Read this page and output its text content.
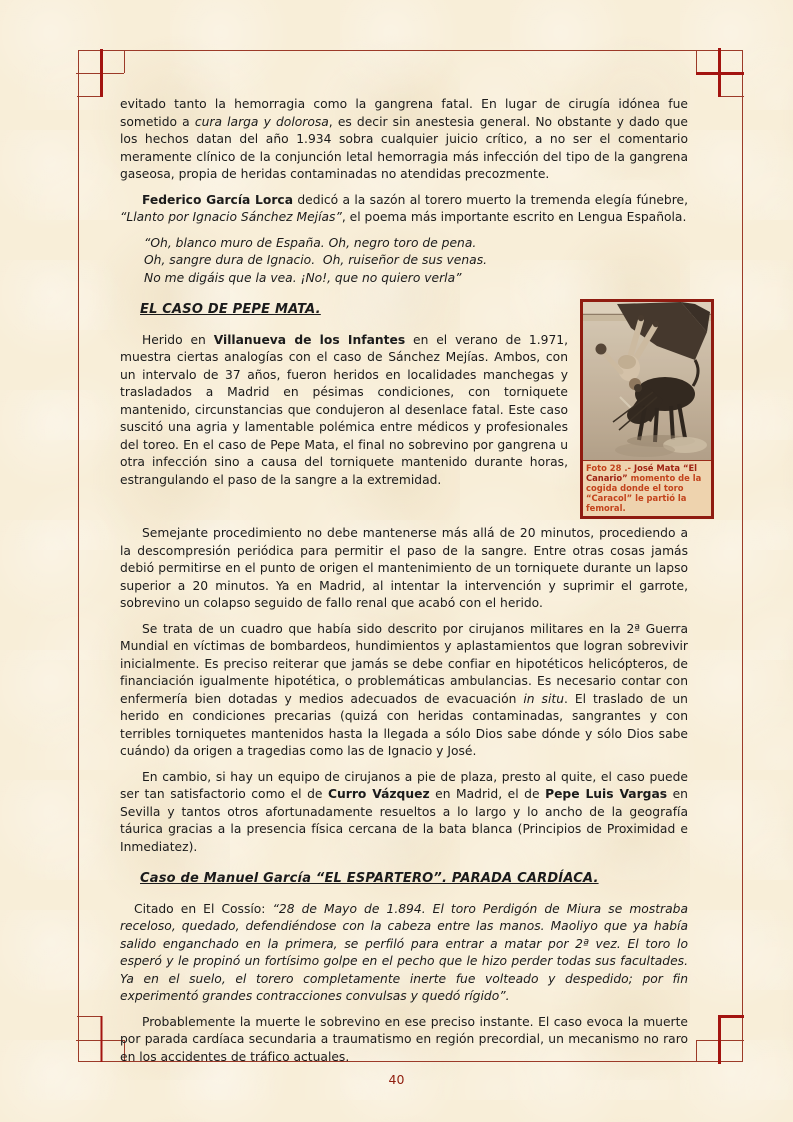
evitado tanto la hemorragia como la gangrena fatal. En lugar de cirugía idónea fue sometido a cura larga y dolorosa, es decir sin anestesia general. No obstante y dado que los hechos datan del año 1.934 sobra cualquier juicio crítico, a no ser el comentario meramente clínico de la conjunción letal hemorragia más infección del tipo de la gangrena gaseosa, propia de heridas contaminadas no atendidas precozmente.

Federico García Lorca dedicó a la sazón al torero muerto la tremenda elegía fúnebre, “Llanto por Ignacio Sánchez Mejías”, el poema más importante escrito en Lengua Española.

“Oh, blanco muro de España. Oh, negro toro de pena.
Oh, sangre dura de Ignacio.  Oh, ruiseñor de sus venas.
No me digáis que la vea. ¡No!, que no quiero verla”
Foto 28 .- José Mata “El Canario” momento de la cogida donde el toro “Caracol” le partió la femoral.
EL CASO DE PEPE MATA.

Herido en Villanueva de los Infantes en el verano de 1.971, muestra ciertas analogías con el caso de Sánchez Mejías. Ambos, con un intervalo de 37 años, fueron heridos en localidades manchegas y trasladados a Madrid en pésimas condiciones, con torniquete mantenido, circunstancias que condujeron al desenlace fatal. Este caso suscitó una agria y lamentable polémica entre médicos y profesionales del toreo. En el caso de Pepe Mata, el final no sobrevino por gangrena u otra infección sino a causa del torniquete mantenido durante horas, estrangulando el paso de la sangre a la extremidad.

Semejante procedimiento no debe mantenerse más allá de 20 minutos, procediendo a la descompresión periódica para permitir el paso de la sangre. Entre otras cosas jamás debió permitirse en el punto de origen el mantenimiento de un torniquete durante un lapso superior a 20 minutos. Ya en Madrid, al intentar la intervención y suprimir el garrote, sobrevino un colapso seguido de fallo renal que acabó con el herido.

Se trata de un cuadro que había sido descrito por cirujanos militares en la 2ª Guerra Mundial en víctimas de bombardeos, hundimientos y aplastamientos que logran sobrevivir inicialmente. Es preciso reiterar que jamás se debe confiar en hipotéticos helicópteros, de financiación igualmente hipotética, o problemáticas ambulancias. Es necesario contar con enfermería bien dotadas y medios adecuados de evacuación in situ. El traslado de un herido en condiciones precarias (quizá con heridas contaminadas, sangrantes y con terribles torniquetes mantenidos hasta la llegada a sólo Dios sabe dónde y sólo Dios sabe cuándo) da origen a tragedias como las de Ignacio y José.

En cambio, si hay un equipo de cirujanos a pie de plaza, presto al quite, el caso puede ser tan satisfactorio como el de Curro Vázquez en Madrid, el de Pepe Luis Vargas en Sevilla y tantos otros afortunadamente resueltos a lo largo y lo ancho de la geografía táurica gracias a la presencia física cercana de la bata blanca (Principios de Proximidad e Inmediatez).

Caso de Manuel García “EL ESPARTERO”. PARADA CARDÍACA.

Citado en El Cossío: “28 de Mayo de 1.894. El toro Perdigón de Miura se mostraba receloso, quedado, defendiéndose con la cabeza entre las manos. Maoliyo que ya había salido enganchado en la primera, se perfiló para entrar a matar por 2ª vez. El toro lo esperó y le propinó un fortísimo golpe en el pecho que le hizo perder todas sus facultades. Ya en el suelo, el torero completamente inerte fue volteado y despedido; por fin experimentó grandes contracciones convulsas y quedó rígido”.

Probablemente la muerte le sobrevino en ese preciso instante. El caso evoca la muerte por parada cardíaca secundaria a traumatismo en región precordial, un mecanismo no raro en los accidentes de tráfico actuales.

40
